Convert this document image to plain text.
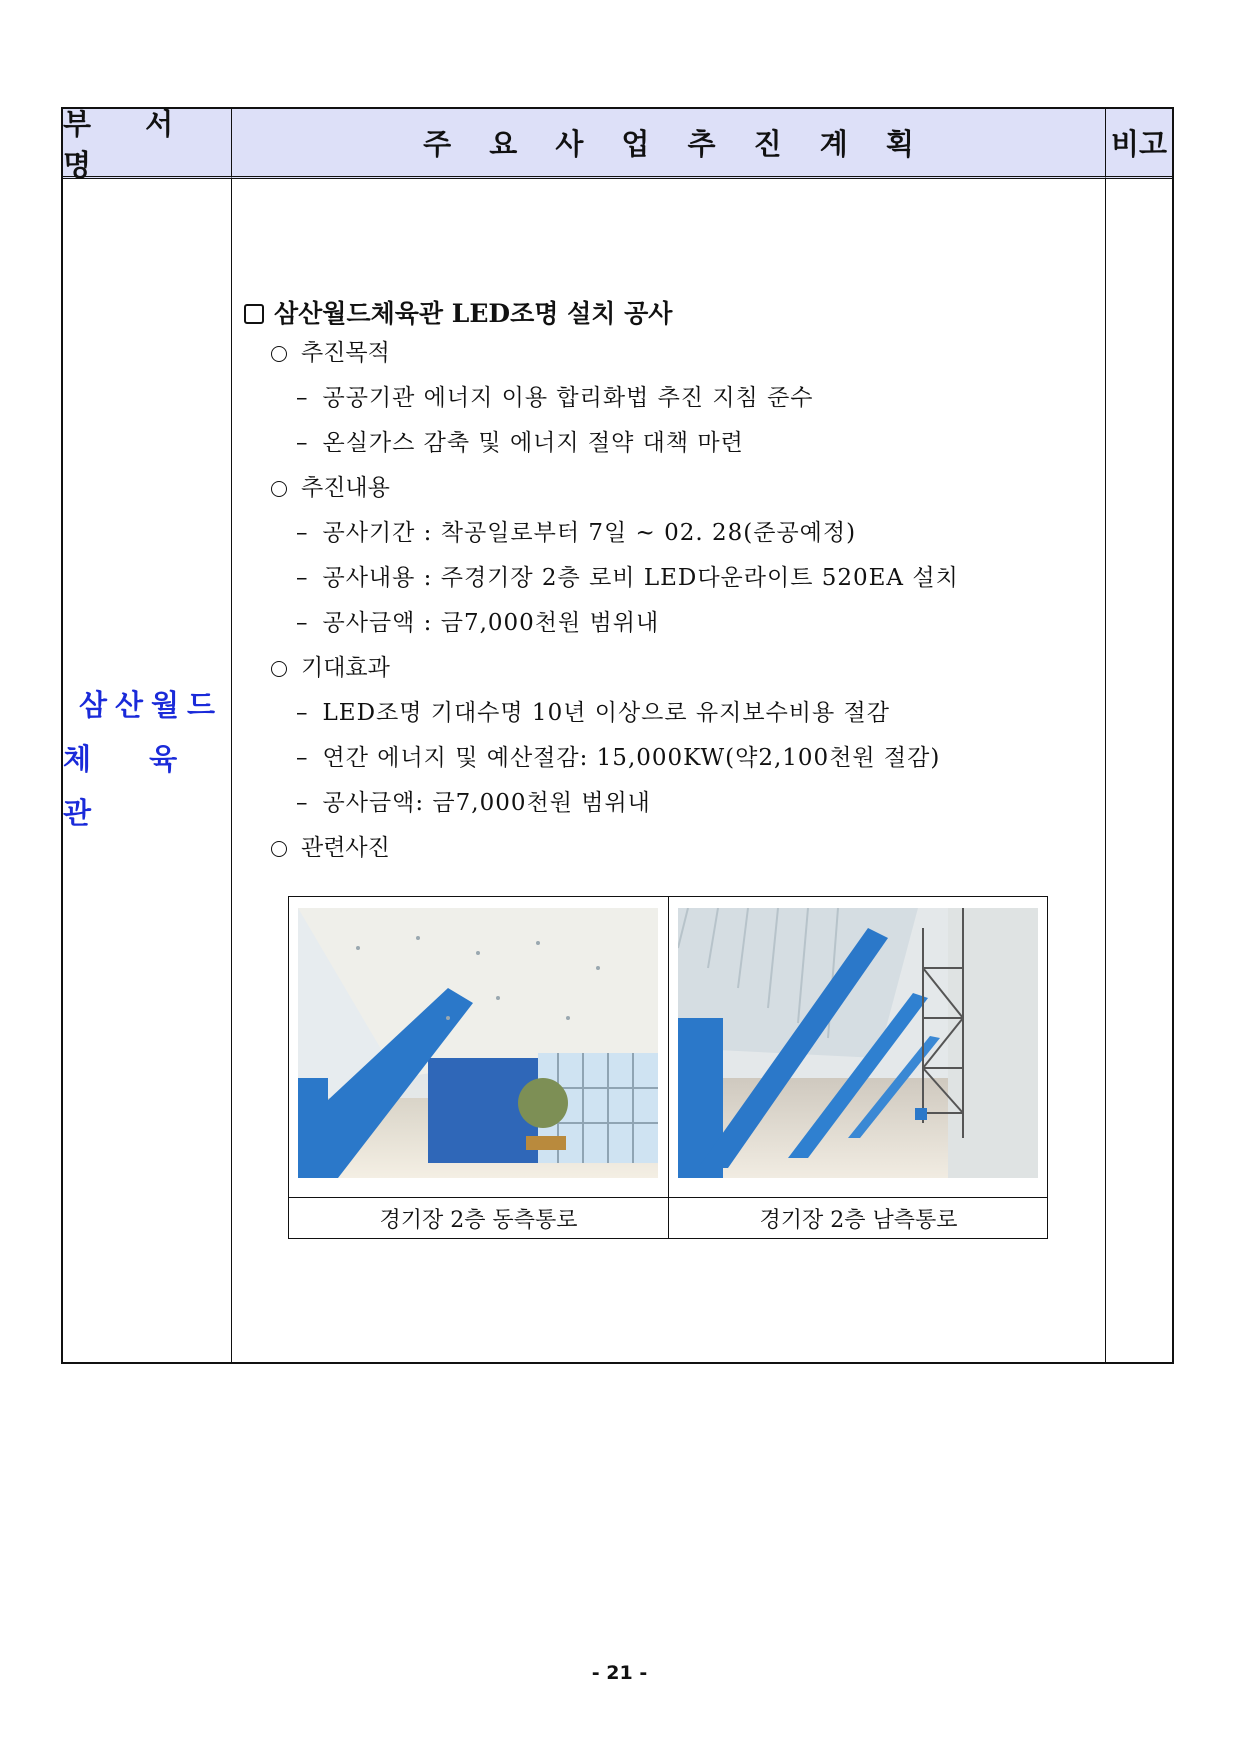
부 서 명
주 요 사 업 추 진 계 획	비고
삼산월드
체 육 관
삼산월드체육관 LED조명 설치 공사
추진목적
– 공공기관 에너지 이용 합리화법 추진 지침 준수
– 온실가스 감축 및 에너지 절약 대책 마련
추진내용
– 공사기간 : 착공일로부터 7일 ~ 02. 28(준공예정)
– 공사내용 : 주경기장 2층 로비 LED다운라이트 520EA 설치
– 공사금액 : 금7,000천원 범위내
기대효과
– LED조명 기대수명 10년 이상으로 유지보수비용 절감
– 연간 에너지 및 예산절감: 15,000KW(약2,100천원 절감)
– 공사금액: 금7,000천원 범위내
관련사진
경기장 2층 동측통로	경기장 2층 남측통로
- 21 -
